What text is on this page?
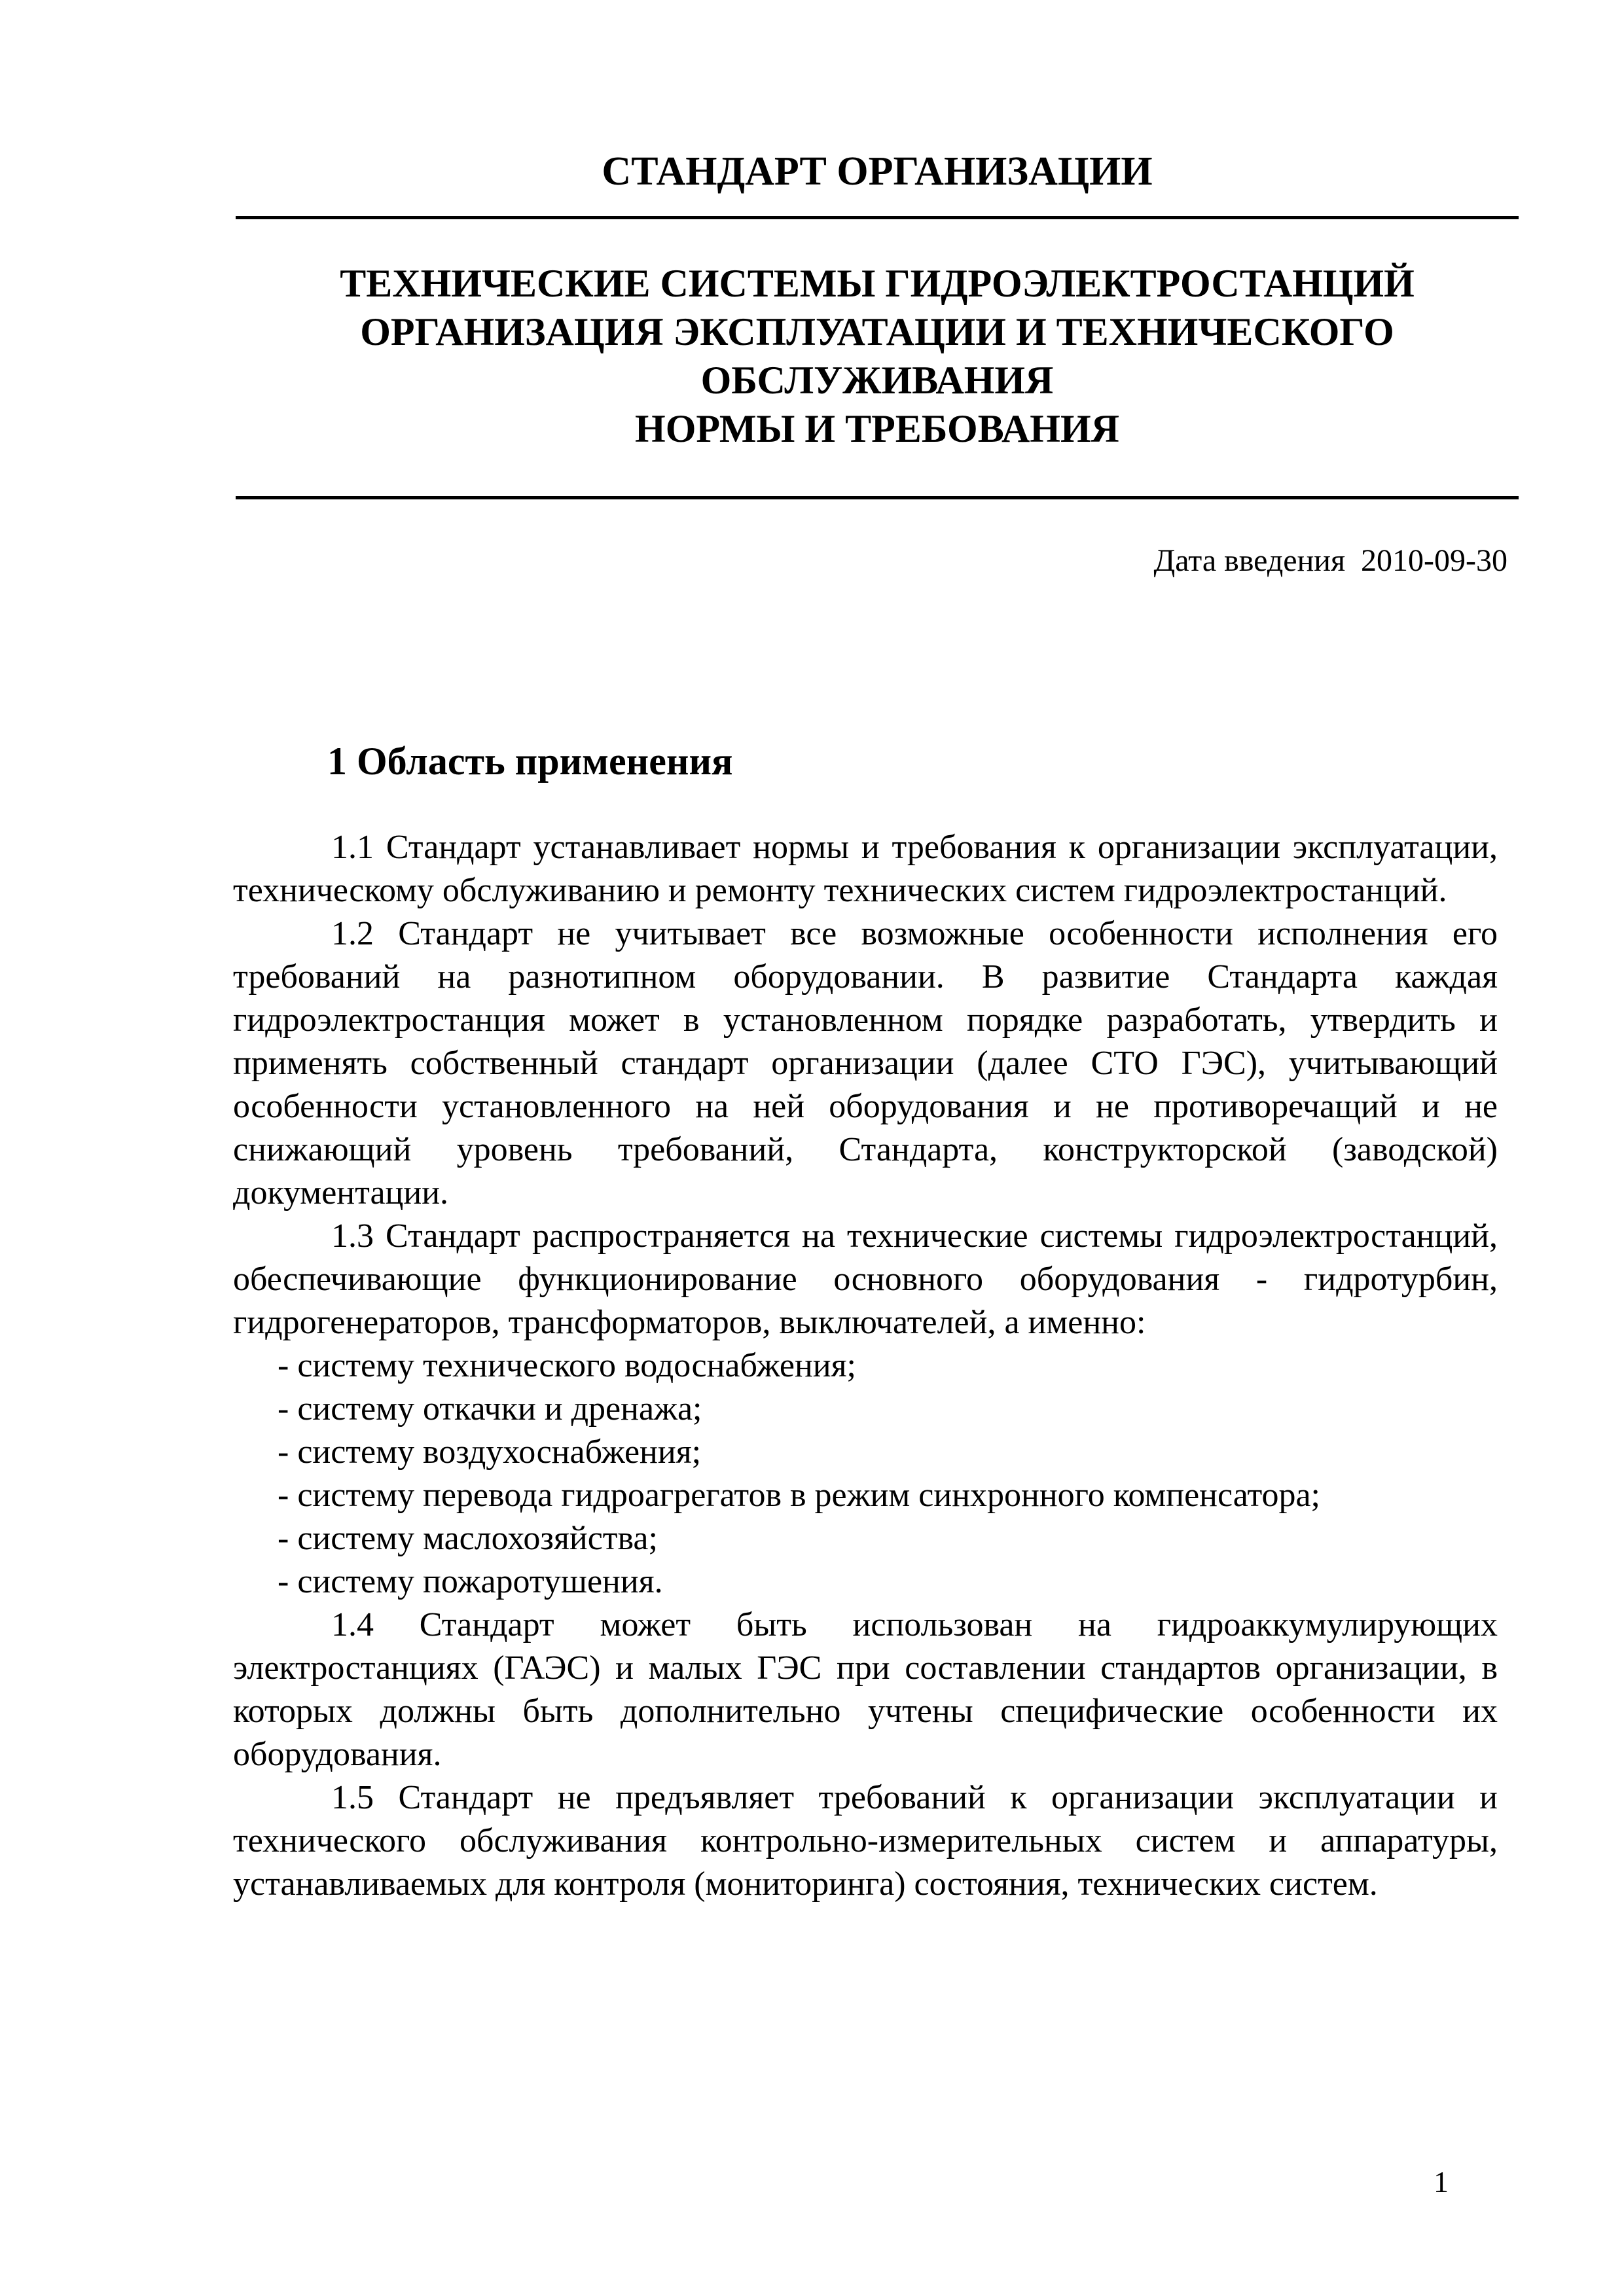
СТАНДАРТ ОРГАНИЗАЦИИ
ТЕХНИЧЕСКИЕ СИСТЕМЫ ГИДРОЭЛЕКТРОСТАНЦИЙ
ОРГАНИЗАЦИЯ ЭКСПЛУАТАЦИИ И ТЕХНИЧЕСКОГО
ОБСЛУЖИВАНИЯ
НОРМЫ И ТРЕБОВАНИЯ
Дата введения 2010-09-30
1 Область применения

1.1 Стандарт устанавливает нормы и требования к организации эксплуатации, техническому обслуживанию и ремонту технических систем гидроэлектростанций.

1.2 Стандарт не учитывает все возможные особенности исполнения его требований на разнотипном оборудовании. В развитие Стандарта каждая гидроэлектростанция может в установленном порядке разработать, утвердить и применять собственный стандарт организации (далее СТО ГЭС), учитывающий особенности установленного на ней оборудования и не противоречащий и не снижающий уровень требований, Стандарта, конструкторской (заводской) документации.

1.3 Стандарт распространяется на технические системы гидроэлектростанций, обеспечивающие функционирование основного оборудования - гидротурбин, гидрогенераторов, трансформаторов, выключателей, а именно:

- систему технического водоснабжения;

- систему откачки и дренажа;

- систему воздухоснабжения;

- систему перевода гидроагрегатов в режим синхронного компенсатора;

- систему маслохозяйства;

- систему пожаротушения.

1.4 Стандарт может быть использован на гидроаккумулирующих электростанциях (ГАЭС) и малых ГЭС при составлении стандартов организации, в которых должны быть дополнительно учтены специфические особенности их оборудования.

1.5 Стандарт не предъявляет требований к организации эксплуатации и технического обслуживания контрольно-измерительных систем и аппаратуры, устанавливаемых для контроля (мониторинга) состояния, технических систем.

1
